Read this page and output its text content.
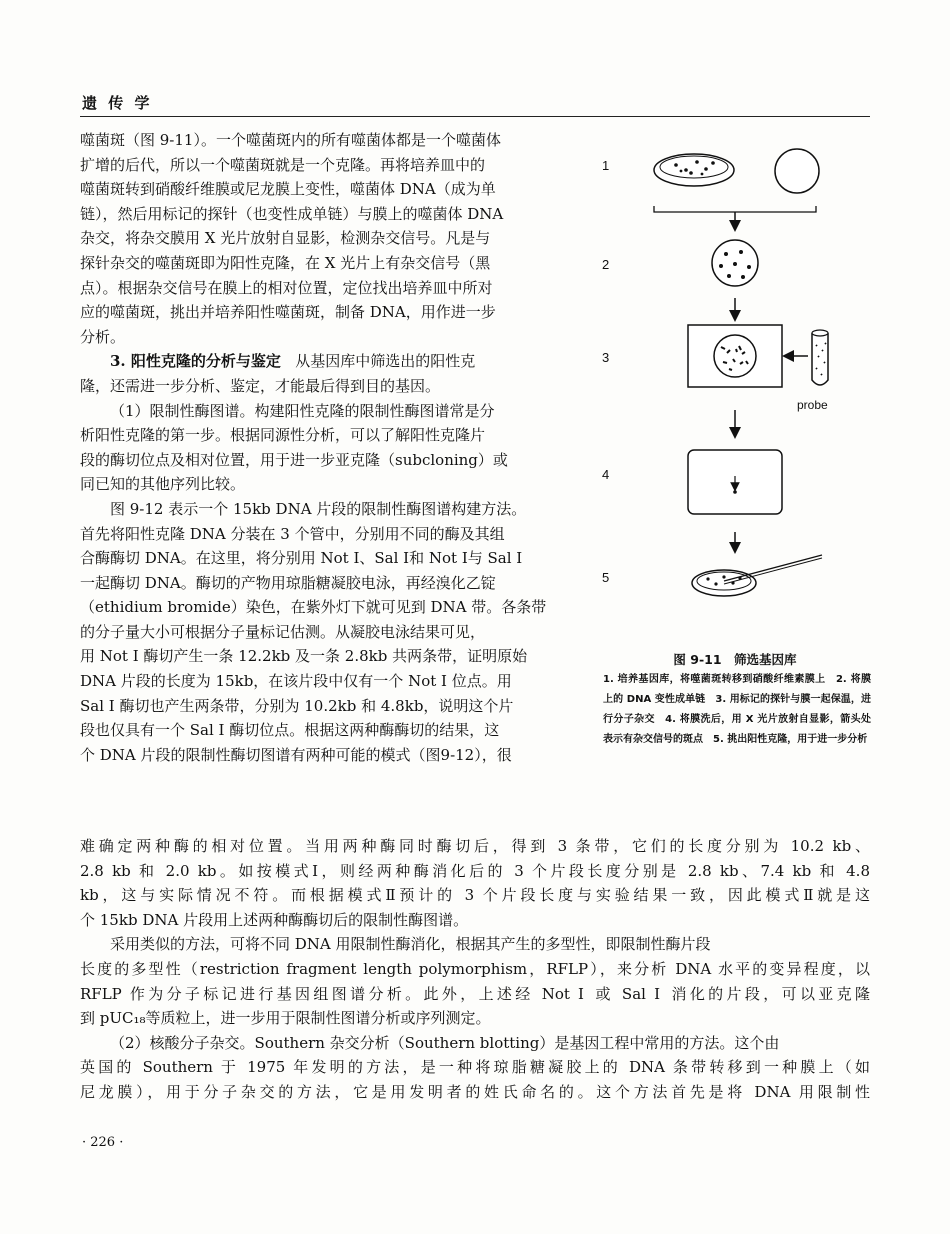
遗 传 学

噬菌斑（图 9-11）。一个噬菌斑内的所有噬菌体都是一个噬菌体

扩增的后代，所以一个噬菌斑就是一个克隆。再将培养皿中的

噬菌斑转到硝酸纤维膜或尼龙膜上变性，噬菌体 DNA（成为单

链），然后用标记的探针（也变性成单链）与膜上的噬菌体 DNA

杂交，将杂交膜用 X 光片放射自显影，检测杂交信号。凡是与

探针杂交的噬菌斑即为阳性克隆，在 X 光片上有杂交信号（黑

点）。根据杂交信号在膜上的相对位置，定位找出培养皿中所对

应的噬菌斑，挑出并培养阳性噬菌斑，制备 DNA，用作进一步

分析。

3. 阳性克隆的分析与鉴定 从基因库中筛选出的阳性克

隆，还需进一步分析、鉴定，才能最后得到目的基因。

（1）限制性酶图谱。构建阳性克隆的限制性酶图谱常是分

析阳性克隆的第一步。根据同源性分析，可以了解阳性克隆片

段的酶切位点及相对位置，用于进一步亚克隆（subcloning）或

同已知的其他序列比较。

图 9-12 表示一个 15kb DNA 片段的限制性酶图谱构建方法。

首先将阳性克隆 DNA 分装在 3 个管中，分别用不同的酶及其组

合酶酶切 DNA。在这里，将分别用 Not Ⅰ、Sal Ⅰ和 Not Ⅰ与 Sal Ⅰ

一起酶切 DNA。酶切的产物用琼脂糖凝胶电泳，再经溴化乙锭

（ethidium bromide）染色，在紫外灯下就可见到 DNA 带。各条带

的分子量大小可根据分子量标记估测。从凝胶电泳结果可见，

用 Not Ⅰ 酶切产生一条 12.2kb 及一条 2.8kb 共两条带，证明原始

DNA 片段的长度为 15kb，在该片段中仅有一个 Not Ⅰ 位点。用

Sal Ⅰ 酶切也产生两条带，分别为 10.2kb 和 4.8kb，说明这个片

段也仅具有一个 Sal Ⅰ 酶切位点。根据这两种酶酶切的结果，这

个 DNA 片段的限制性酶切图谱有两种可能的模式（图9-12），很

1
2
3
4
5
probe
图 9-11　筛选基因库
1. 培养基因库，将噬菌斑转移到硝酸纤维素膜上　2. 将膜上的 DNA 变性成单链　3. 用标记的探针与膜一起保温，进行分子杂交　4. 将膜洗后，用 X 光片放射自显影，箭头处表示有杂交信号的斑点　5. 挑出阳性克隆，用于进一步分析

难确定两种酶的相对位置。当用两种酶同时酶切后，得到 3 条带，它们的长度分别为 10.2 kb、

2.8 kb 和 2.0 kb。如按模式Ⅰ，则经两种酶消化后的 3 个片段长度分别是 2.8 kb、7.4 kb 和 4.8

kb，这与实际情况不符。而根据模式Ⅱ预计的 3 个片段长度与实验结果一致，因此模式Ⅱ就是这

个 15kb DNA 片段用上述两种酶酶切后的限制性酶图谱。

采用类似的方法，可将不同 DNA 用限制性酶消化，根据其产生的多型性，即限制性酶片段

长度的多型性（restriction fragment length polymorphism，RFLP），来分析 DNA 水平的变异程度，以

RFLP 作为分子标记进行基因组图谱分析。此外，上述经 Not Ⅰ 或 Sal Ⅰ 消化的片段，可以亚克隆

到 pUC₁₈等质粒上，进一步用于限制性图谱分析或序列测定。

（2）核酸分子杂交。Southern 杂交分析（Southern blotting）是基因工程中常用的方法。这个由

英国的 Southern 于 1975 年发明的方法，是一种将琼脂糖凝胶上的 DNA 条带转移到一种膜上（如

尼龙膜），用于分子杂交的方法，它是用发明者的姓氏命名的。这个方法首先是将 DNA 用限制性

· 226 ·
